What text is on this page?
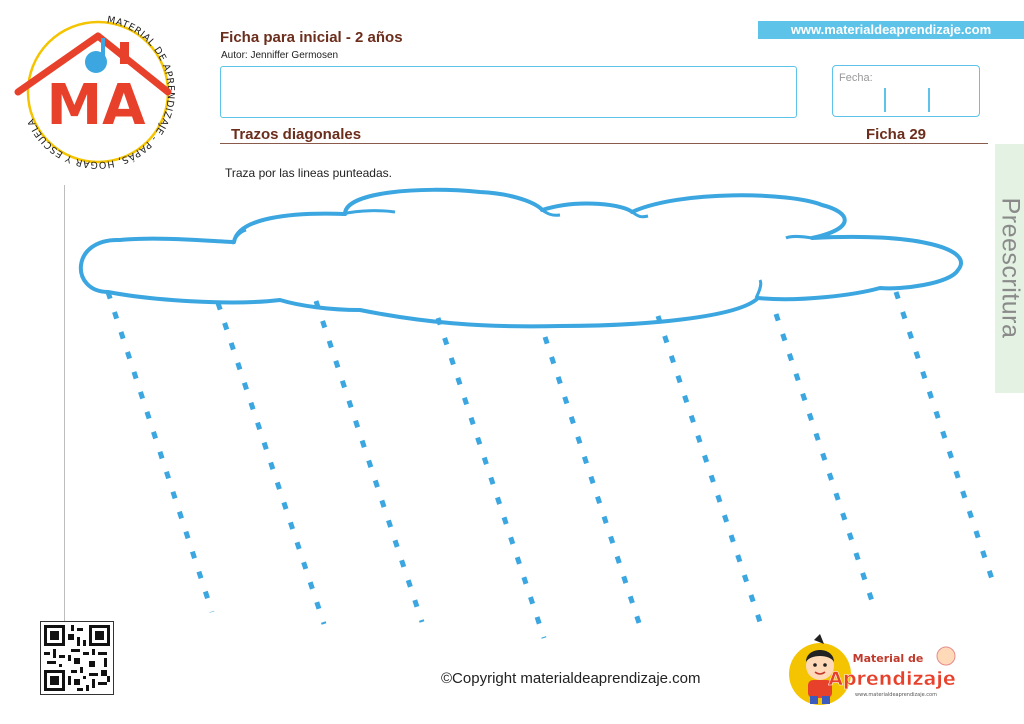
MATERIAL DE APRENDIZAJE - PAPÁS, HOGAR Y ESCUELA MA
Ficha para inicial - 2 años
Autor: Jenniffer Germosen
www.materialdeaprendizaje.com
Fecha:
Trazos diagonales	Ficha 29
Preescritura
Traza por las lineas punteadas.
©Copyright materialdeaprendizaje.com
Material de
Aprendizaje
www.materialdeaprendizaje.com
